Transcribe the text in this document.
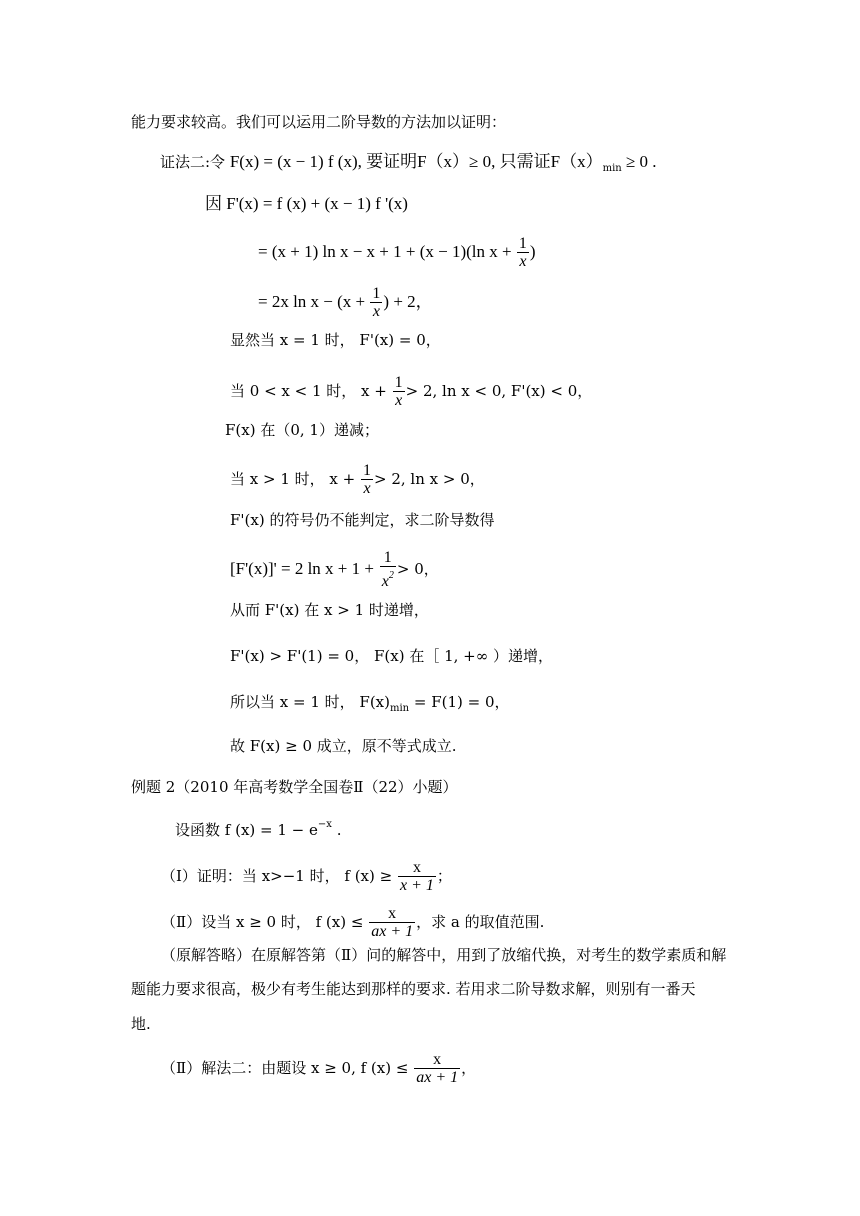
能力要求较高。我们可以运用二阶导数的方法加以证明：
证法二:令 F(x) = (x − 1) f (x), 要证明F（x）≥ 0, 只需证$F(x)_{min} \ge 0$ .
因 F'(x) = f (x) + (x − 1) f '(x)
= (x + 1) ln x − x + 1 + (x − 1)(ln $x + \frac{1}{x}$ )
= 2x $\ln x - (x + \frac{1}{x}$ ) + 2，
显然当 x = 1 时， F'(x) = 0，
当 0 < x < 1 时， $x + \frac{1}{x} > 2$, ln x < 0, F'(x) < 0，
F(x) 在（0, 1）递减；
当 x > 1 时， $x + \frac{1}{x} > 2$, ln x > 0，
F'(x) 的符号仍不能判定，求二阶导数得
[F'(x)]' = 2 $\ln x + 1 + \frac{1}{x^2} > 0$，
从而 F'(x) 在 x > 1 时递增，
F'(x) > F'(1) = 0， F(x) 在［ 1, +∞ ）递增，
所以当 x = 1 时， $F(x)_{min} = F(1) = 0$，
故 F(x) ≥ 0 成立，原不等式成立.
例题 2（2010 年高考数学全国卷Ⅱ（22）小题）
设函数 f $(x) = 1 - e^{-x}$ .
（Ⅰ）证明：当 x>−1 时， f $(x) \ge \frac{x}{x + 1}$ ；
（Ⅱ）设当 x ≥ 0 时， f $(x) \le \frac{x}{ax + 1}$ ，求 a 的取值范围.
（原解答略）在原解答第（Ⅱ）问的解答中，用到了放缩代换，对考生的数学素质和解
题能力要求很高，极少有考生能达到那样的要求. 若用求二阶导数求解，则别有一番天
地.
（Ⅱ）解法二：由题设 x ≥ 0, f $(x) \le \frac{x}{ax + 1}$ ，
